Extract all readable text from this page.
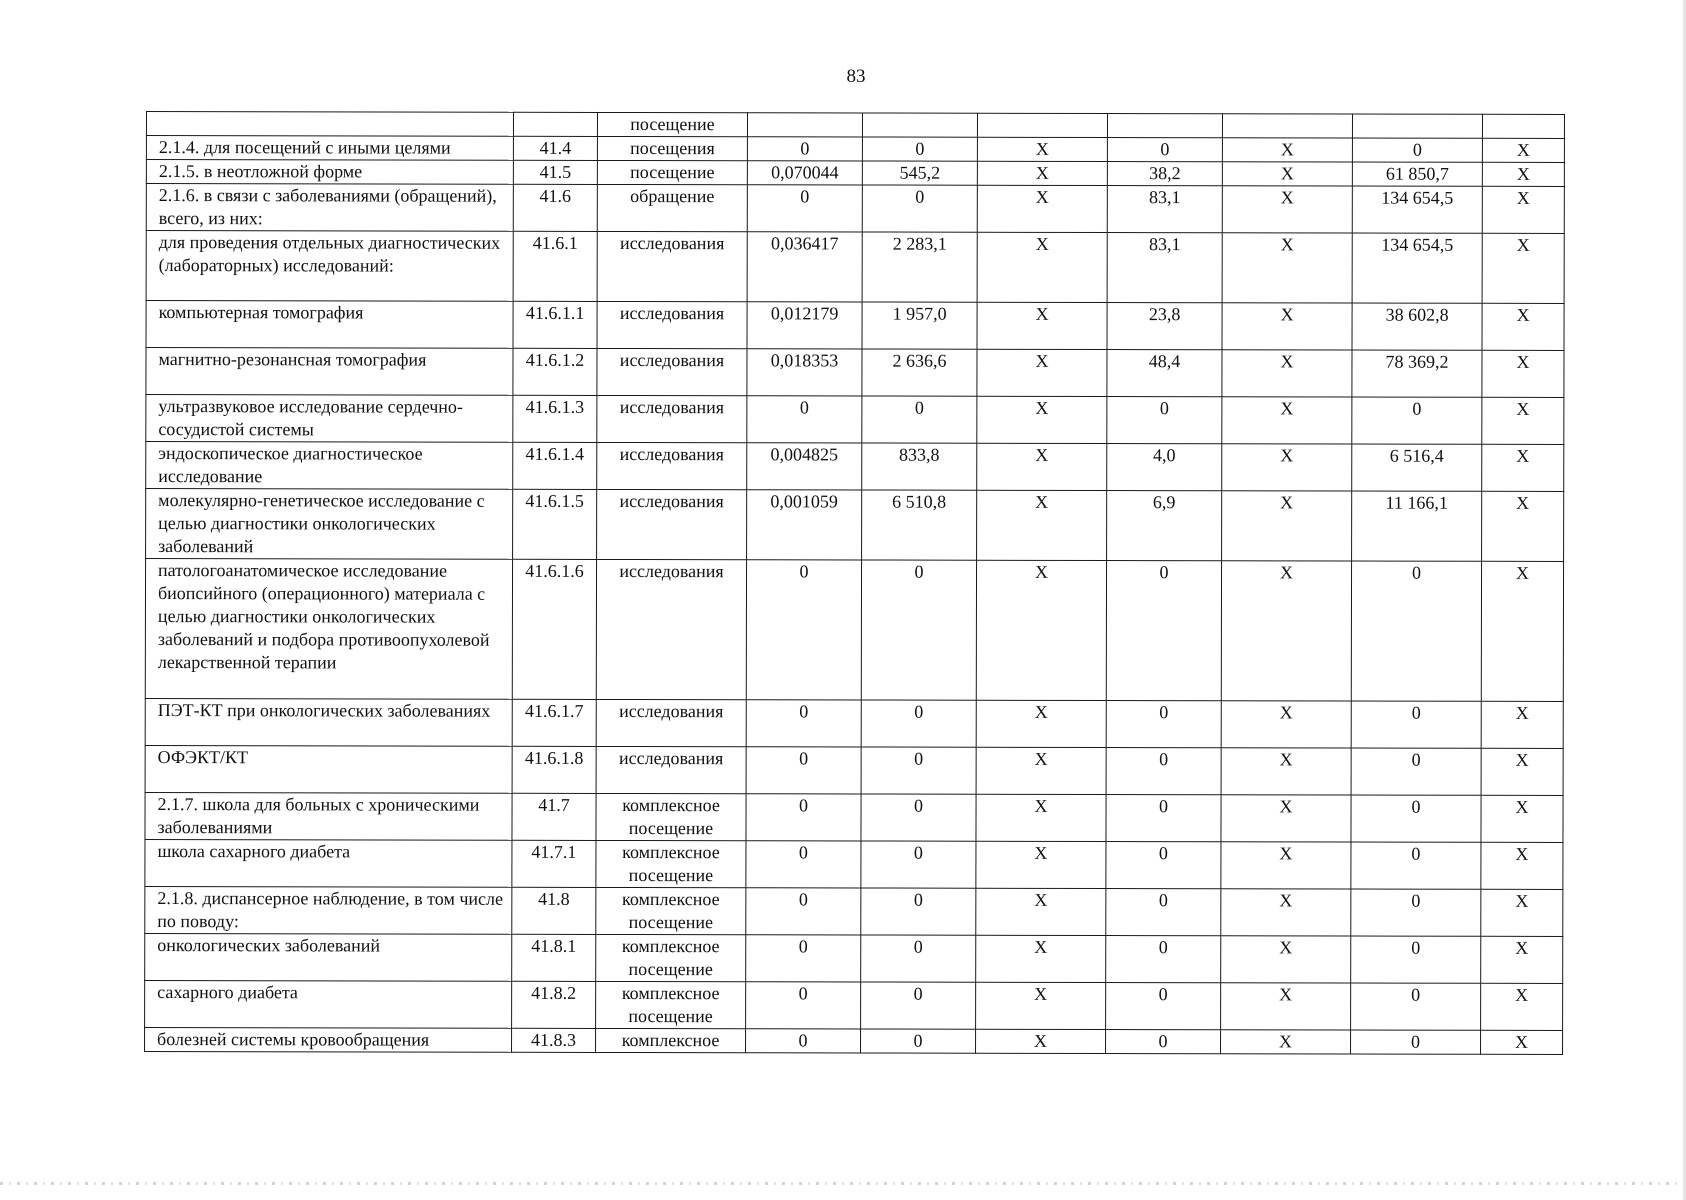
83
		посещение							
2.1.4. для посещений с иными целями	41.4	посещения	0	0	Х	0	Х	0	Х
2.1.5. в неотложной форме	41.5	посещение	0,070044	545,2	Х	38,2	Х	61 850,7	Х
2.1.6. в связи с заболеваниями (обращений), всего, из них:	41.6	обращение	0	0	Х	83,1	Х	134 654,5	Х
для проведения отдельных диагностических (лабораторных) исследований:	41.6.1	исследования	0,036417	2 283,1	Х	83,1	Х	134 654,5	Х
компьютерная томография	41.6.1.1	исследования	0,012179	1 957,0	Х	23,8	Х	38 602,8	Х
магнитно-резонансная томография	41.6.1.2	исследования	0,018353	2 636,6	Х	48,4	Х	78 369,2	Х
ультразвуковое исследование сердечно-сосудистой системы	41.6.1.3	исследования	0	0	Х	0	Х	0	Х
эндоскопическое диагностическое исследование	41.6.1.4	исследования	0,004825	833,8	Х	4,0	Х	6 516,4	Х
молекулярно-генетическое исследование с целью диагностики онкологических заболеваний	41.6.1.5	исследования	0,001059	6 510,8	Х	6,9	Х	11 166,1	Х
патологоанатомическое исследование биопсийного (операционного) материала с целью диагностики онкологических заболеваний и подбора противоопухолевой лекарственной терапии	41.6.1.6	исследования	0	0	Х	0	Х	0	Х
ПЭТ-КТ при онкологических заболеваниях	41.6.1.7	исследования	0	0	Х	0	Х	0	Х
ОФЭКТ/КТ	41.6.1.8	исследования	0	0	Х	0	Х	0	Х
2.1.7. школа для больных с хроническими заболеваниями	41.7	комплексное посещение	0	0	Х	0	Х	0	Х
школа сахарного диабета	41.7.1	комплексное посещение	0	0	Х	0	Х	0	Х
2.1.8. диспансерное наблюдение, в том числе по поводу:	41.8	комплексное посещение	0	0	Х	0	Х	0	Х
онкологических заболеваний	41.8.1	комплексное посещение	0	0	Х	0	Х	0	Х
сахарного диабета	41.8.2	комплексное посещение	0	0	Х	0	Х	0	Х
болезней системы кровообращения	41.8.3	комплексное	0	0	Х	0	Х	0	Х
